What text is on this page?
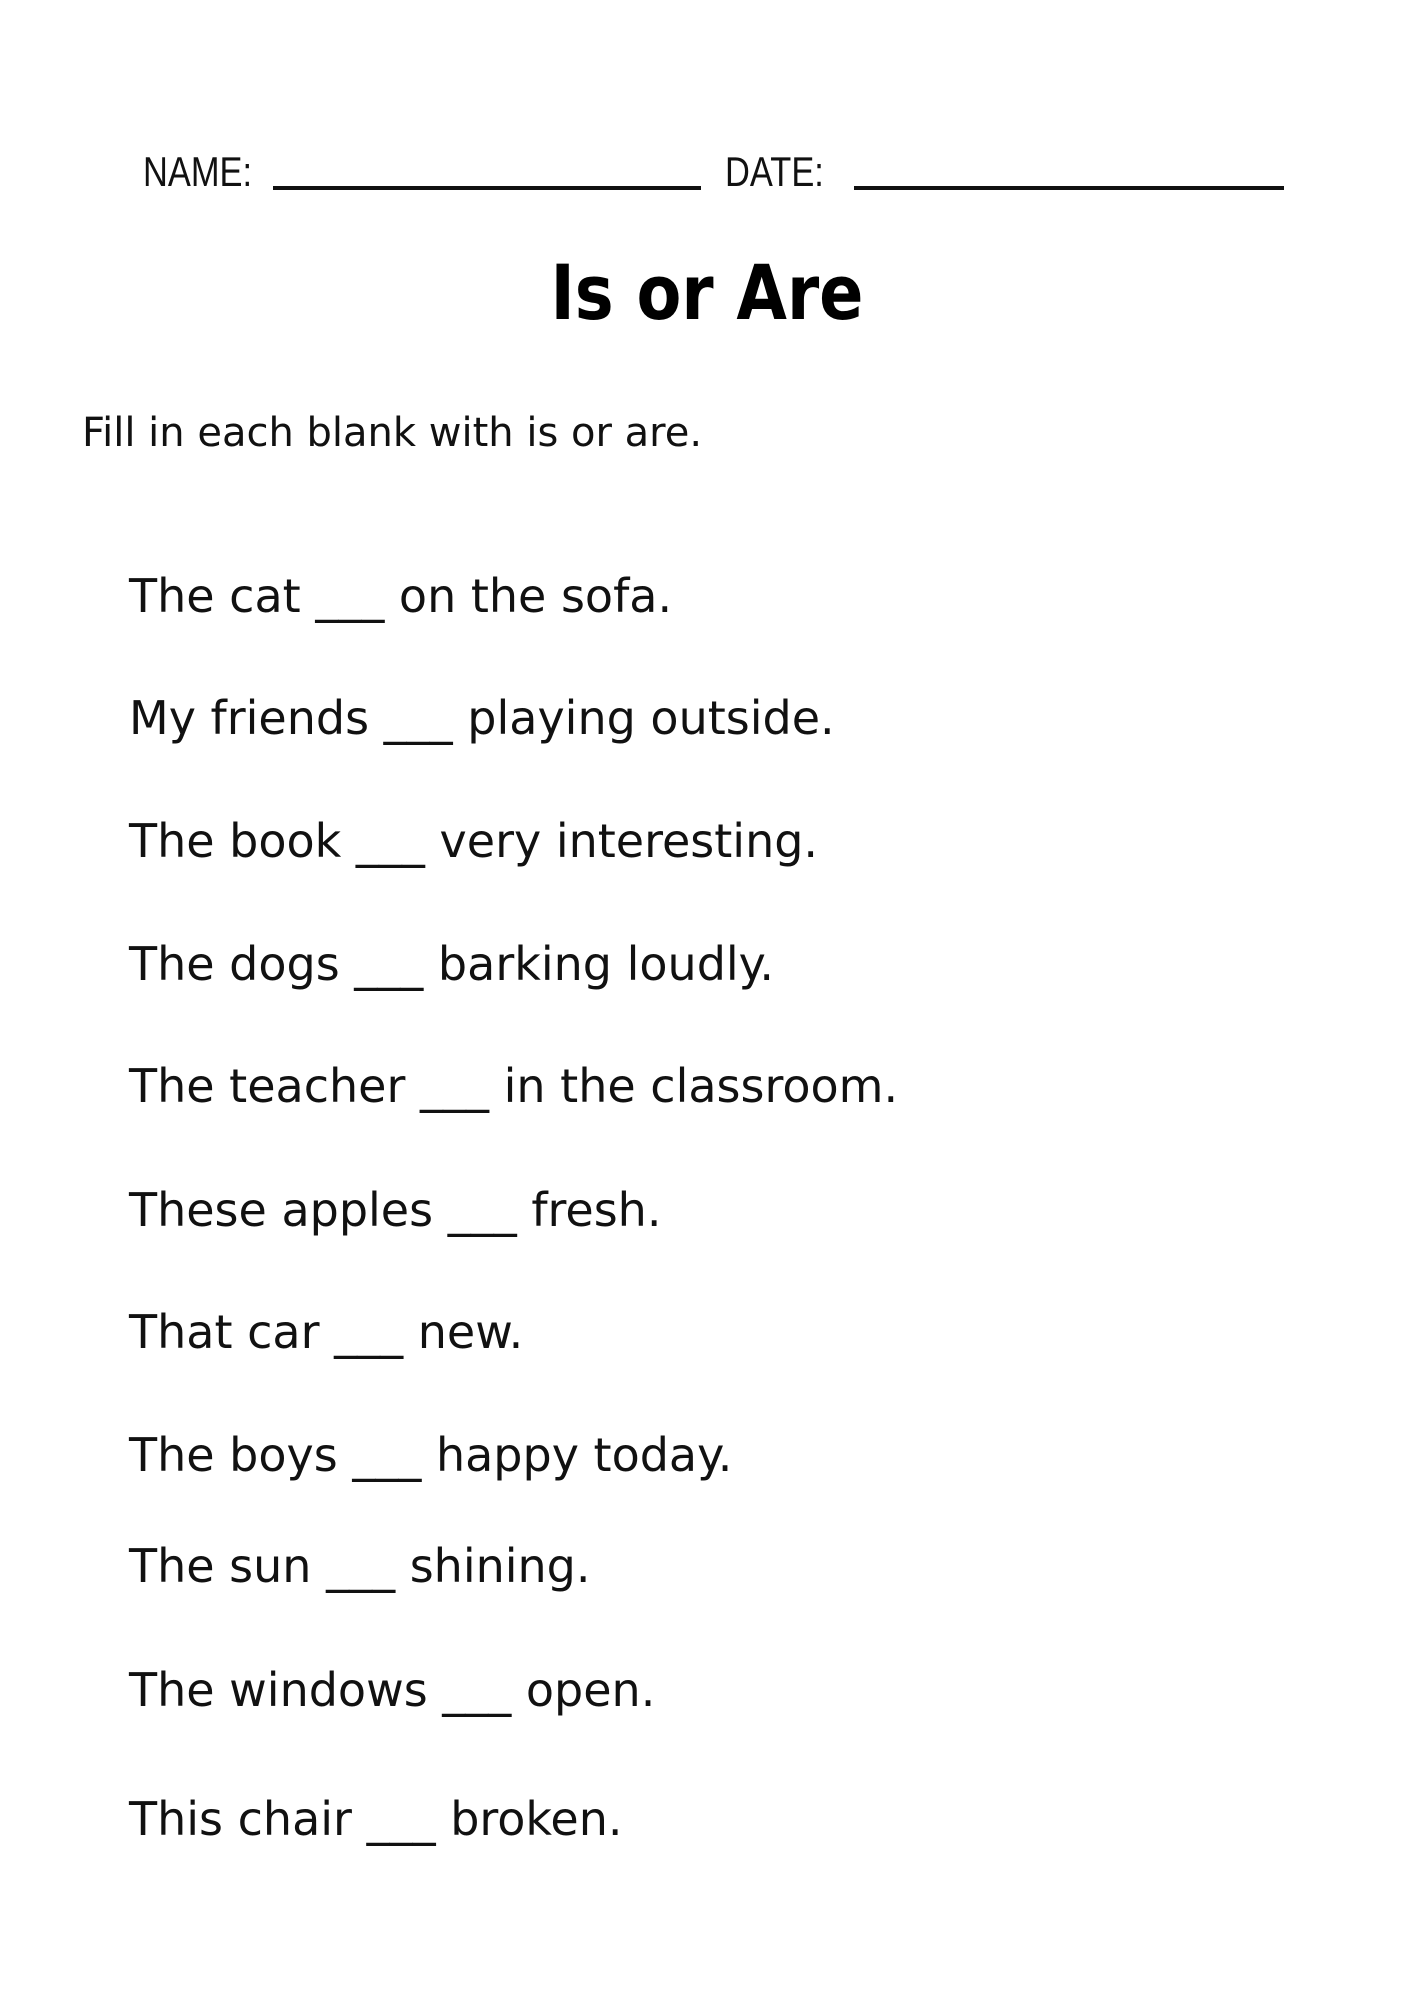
NAME:	DATE:
Is or Are
Fill in each blank with is or are.
The cat ___ on the sofa.
My friends ___ playing outside.
The book ___ very interesting.
The dogs ___ barking loudly.
The teacher ___ in the classroom.
These apples ___ fresh.
That car ___ new.
The boys ___ happy today.
The sun ___ shining.
The windows ___ open.
This chair ___ broken.
